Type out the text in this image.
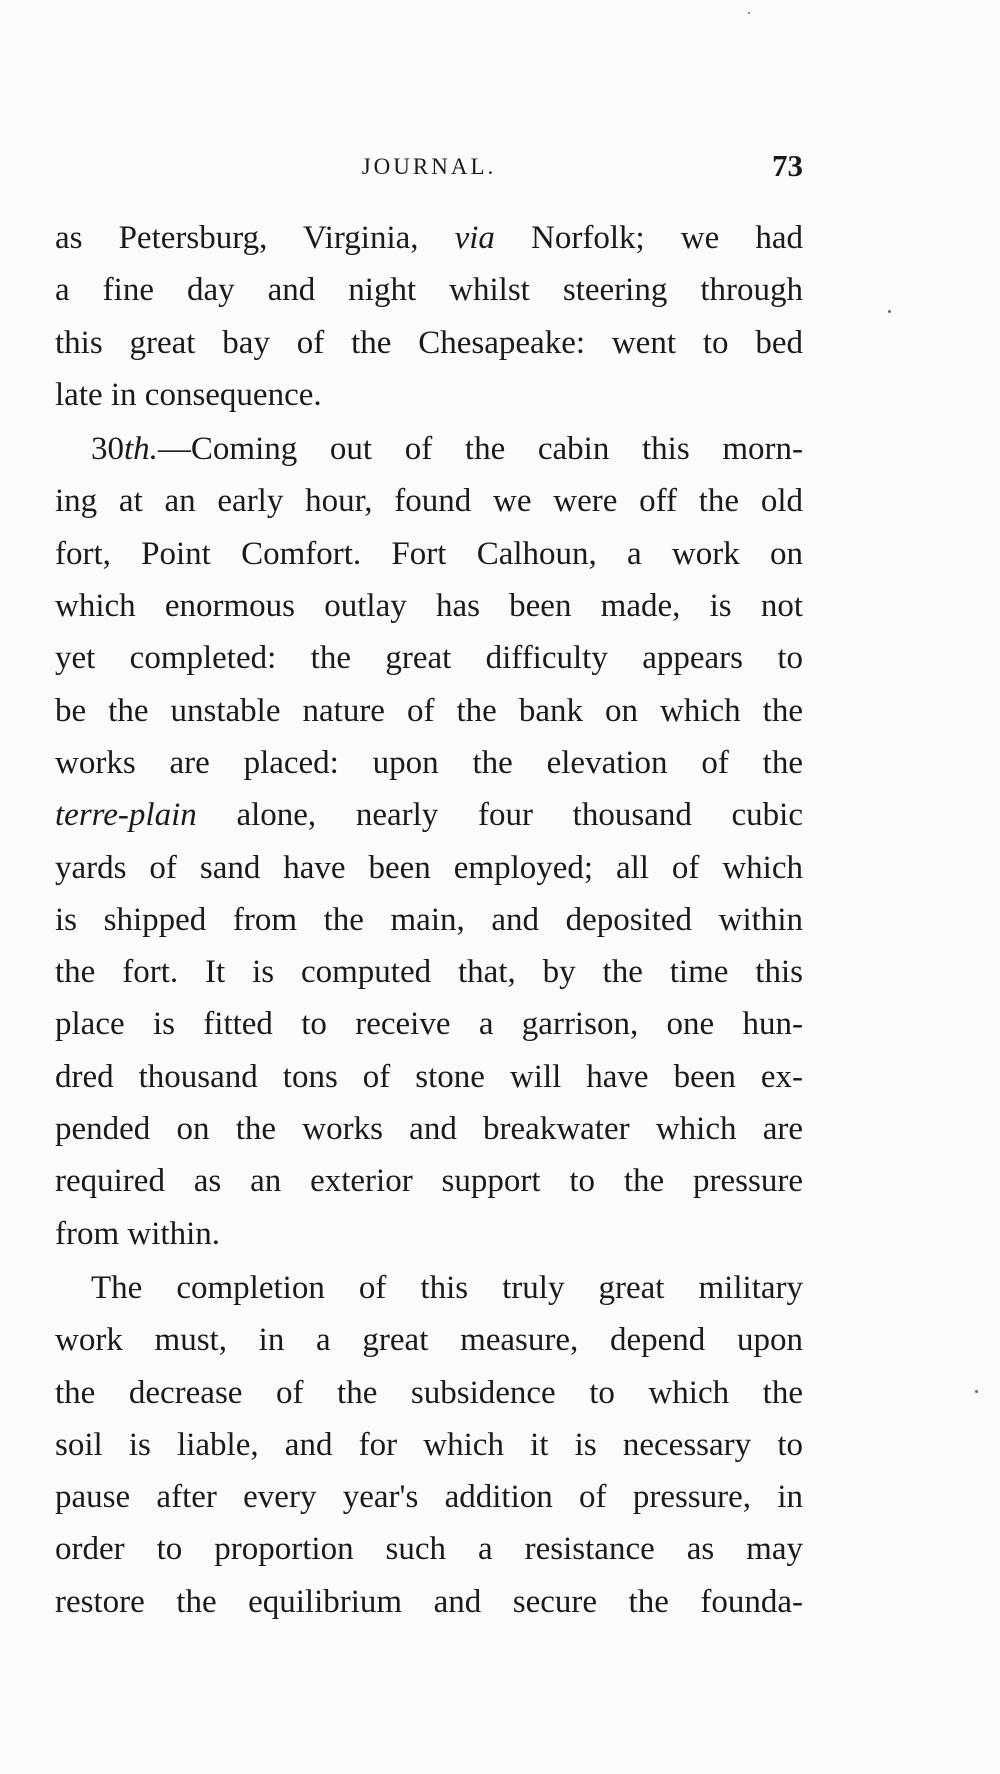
JOURNAL.	73
as Petersburg, Virginia, via Norfolk; we had
a fine day and night whilst steering through
this great bay of the Chesapeake: went to bed
late in consequence.
30th.—Coming out of the cabin this morn-
ing at an early hour, found we were off the old
fort, Point Comfort. Fort Calhoun, a work on
which enormous outlay has been made, is not
yet completed: the great difficulty appears to
be the unstable nature of the bank on which the
works are placed: upon the elevation of the
terre-plain alone, nearly four thousand cubic
yards of sand have been employed; all of which
is shipped from the main, and deposited within
the fort. It is computed that, by the time this
place is fitted to receive a garrison, one hun-
dred thousand tons of stone will have been ex-
pended on the works and breakwater which are
required as an exterior support to the pressure
from within.
The completion of this truly great military
work must, in a great measure, depend upon
the decrease of the subsidence to which the
soil is liable, and for which it is necessary to
pause after every year's addition of pressure, in
order to proportion such a resistance as may
restore the equilibrium and secure the founda-
